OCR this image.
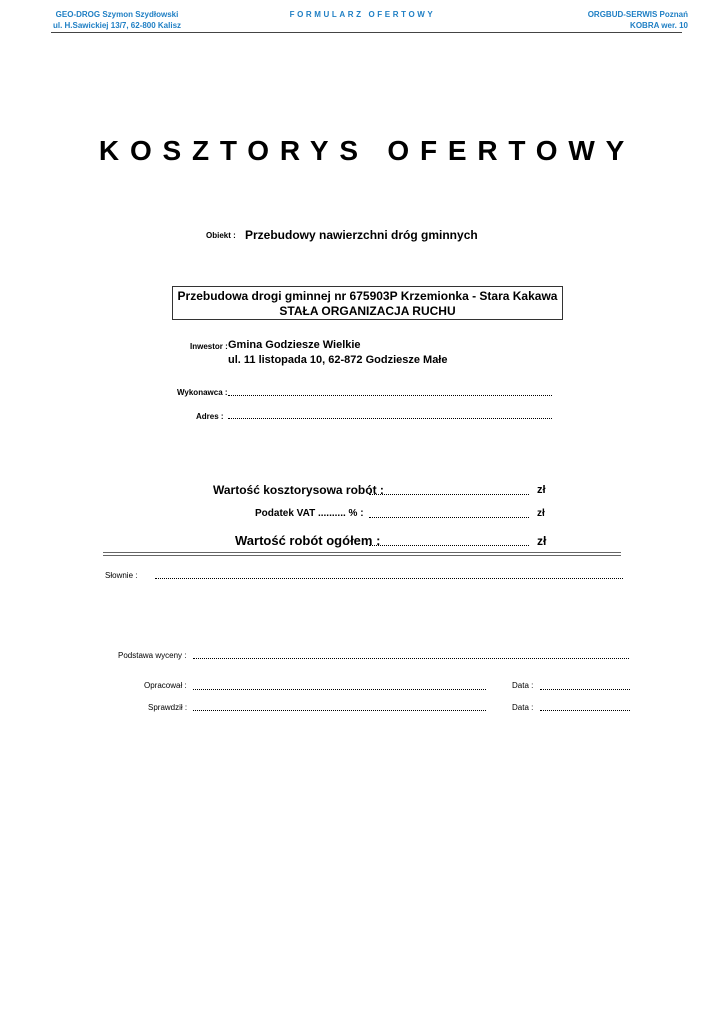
GEO-DROG Szymon Szydłowski
ul. H.Sawickiej 13/7, 62-800 Kalisz
FORMULARZ OFERTOWY	ORGBUD-SERWIS Poznań
KOBRA wer. 10
KOSZTORYS OFERTOWY
Obiekt : Przebudowy nawierzchni dróg gminnych
Przebudowa drogi gminnej nr 675903P Krzemionka - Stara Kakawa
STAŁA ORGANIZACJA RUCHU
Inwestor : Gmina Godziesze Wielkie
ul. 11 listopada 10, 62-872 Godziesze Małe
Wykonawca :
Adres :
Wartość kosztorysowa robót :	zł
Podatek VAT .......... % :	zł
Wartość robót ogółem :	zł
Słownie :
Podstawa wyceny :
Opracował :	Data :
Sprawdził :	Data :
